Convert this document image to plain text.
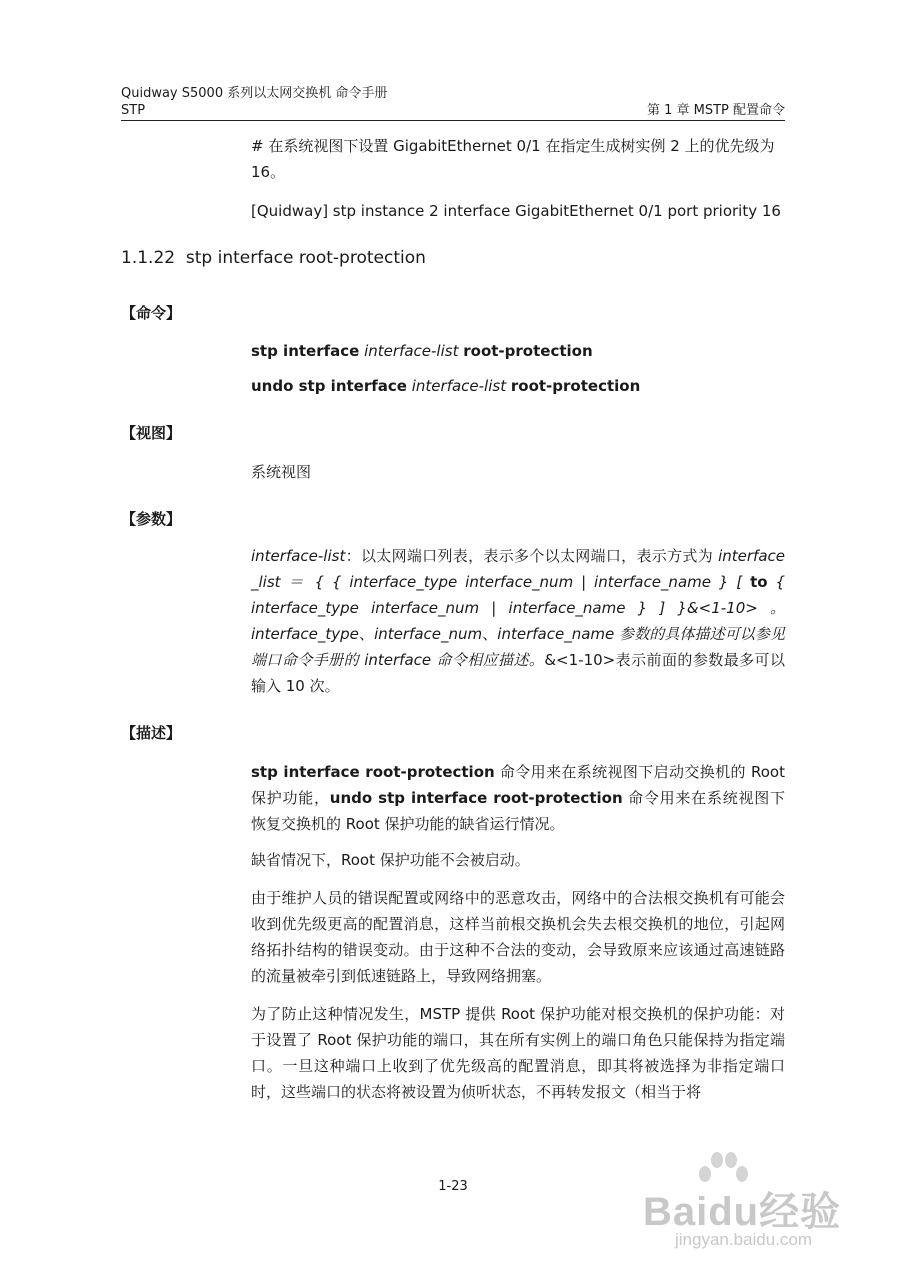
Quidway S5000 系列以太网交换机 命令手册
STP	第 1 章 MSTP 配置命令
# 在系统视图下设置 GigabitEthernet 0/1 在指定生成树实例 2 上的优先级为
16。
[Quidway] stp instance 2 interface GigabitEthernet 0/1 port priority 16
1.1.22 stp interface root-protection
【命令】
stp interface interface-list root-protection
undo stp interface interface-list root-protection
【视图】
系统视图
【参数】
interface-list：以太网端口列表，表示多个以太网端口，表示方式为 interface _list ＝ { { interface_type interface_num | interface_name } [ to { interface_type interface_num | interface_name } ] }&<1-10> 。 interface_type、interface_num、interface_name 参数的具体描述可以参见端口命令手册的 interface 命令相应描述。&<1-10>表示前面的参数最多可以输入 10 次。
【描述】
stp interface root-protection 命令用来在系统视图下启动交换机的 Root 保护功能，undo stp interface root-protection 命令用来在系统视图下恢复交换机的 Root 保护功能的缺省运行情况。
缺省情况下，Root 保护功能不会被启动。
由于维护人员的错误配置或网络中的恶意攻击，网络中的合法根交换机有可能会收到优先级更高的配置消息，这样当前根交换机会失去根交换机的地位，引起网络拓扑结构的错误变动。由于这种不合法的变动，会导致原来应该通过高速链路的流量被牵引到低速链路上，导致网络拥塞。
为了防止这种情况发生，MSTP 提供 Root 保护功能对根交换机的保护功能：对于设置了 Root 保护功能的端口，其在所有实例上的端口角色只能保持为指定端口。一旦这种端口上收到了优先级高的配置消息，即其将被选择为非指定端口时，这些端口的状态将被设置为侦听状态，不再转发报文（相当于将
1-23
Baidu经验
jingyan.baidu.com
